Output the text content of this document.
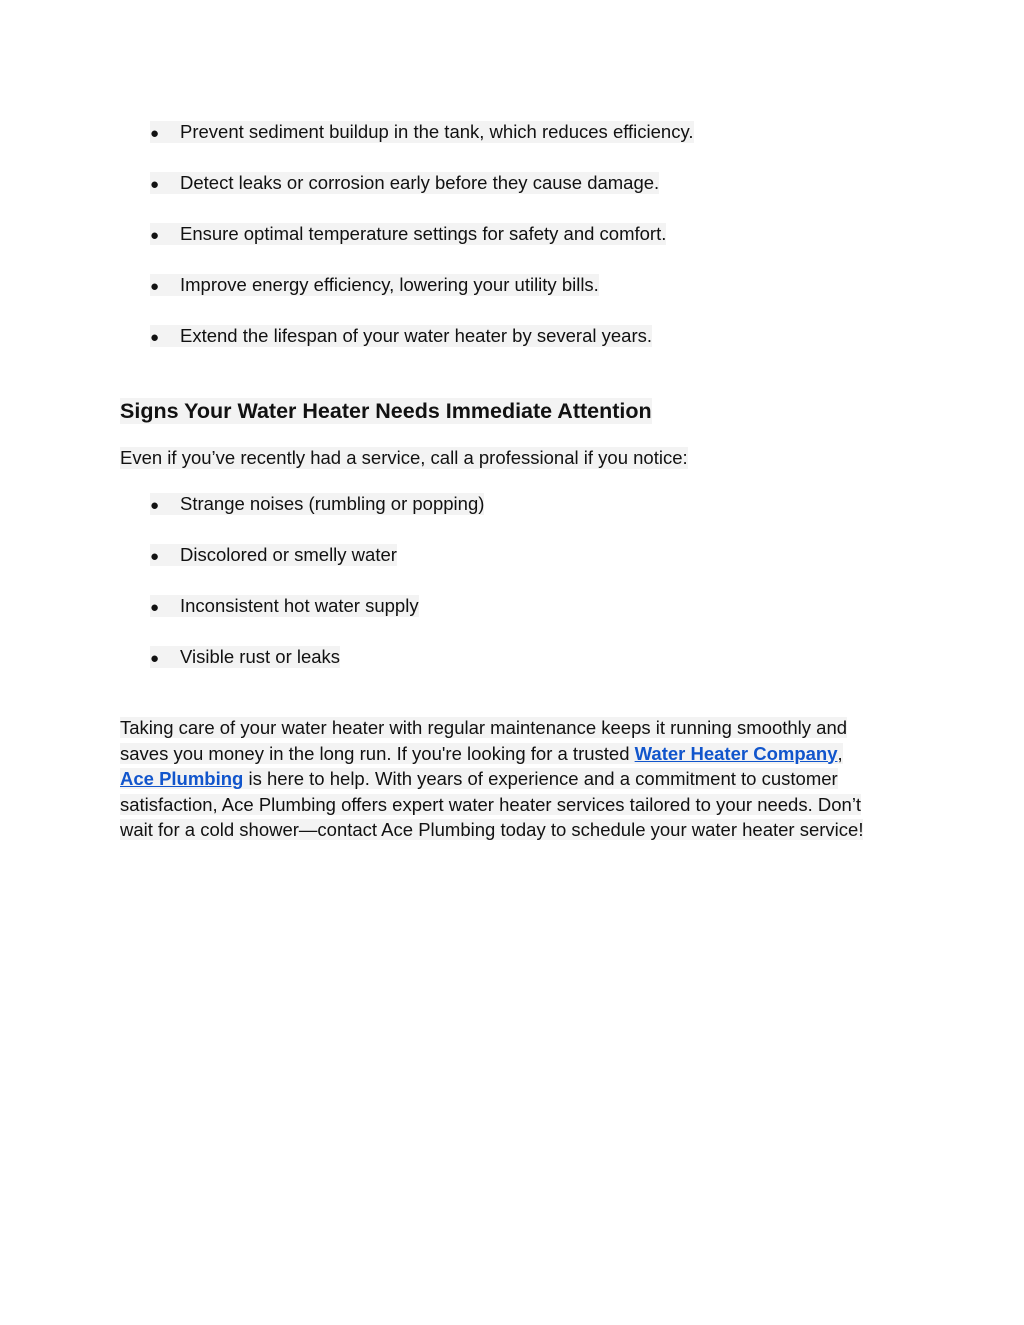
● Prevent sediment buildup in the tank, which reduces efficiency.
● Detect leaks or corrosion early before they cause damage.
● Ensure optimal temperature settings for safety and comfort.
● Improve energy efficiency, lowering your utility bills.
● Extend the lifespan of your water heater by several years.
Signs Your Water Heater Needs Immediate Attention
Even if you’ve recently had a service, call a professional if you notice:
● Strange noises (rumbling or popping)
● Discolored or smelly water
● Inconsistent hot water supply
● Visible rust or leaks
Taking care of your water heater with regular maintenance keeps it running smoothly and
saves you money in the long run. If you're looking for a trusted Water Heater Company,
Ace Plumbing is here to help. With years of experience and a commitment to customer
satisfaction, Ace Plumbing offers expert water heater services tailored to your needs. Don’t
wait for a cold shower—contact Ace Plumbing today to schedule your water heater service!
